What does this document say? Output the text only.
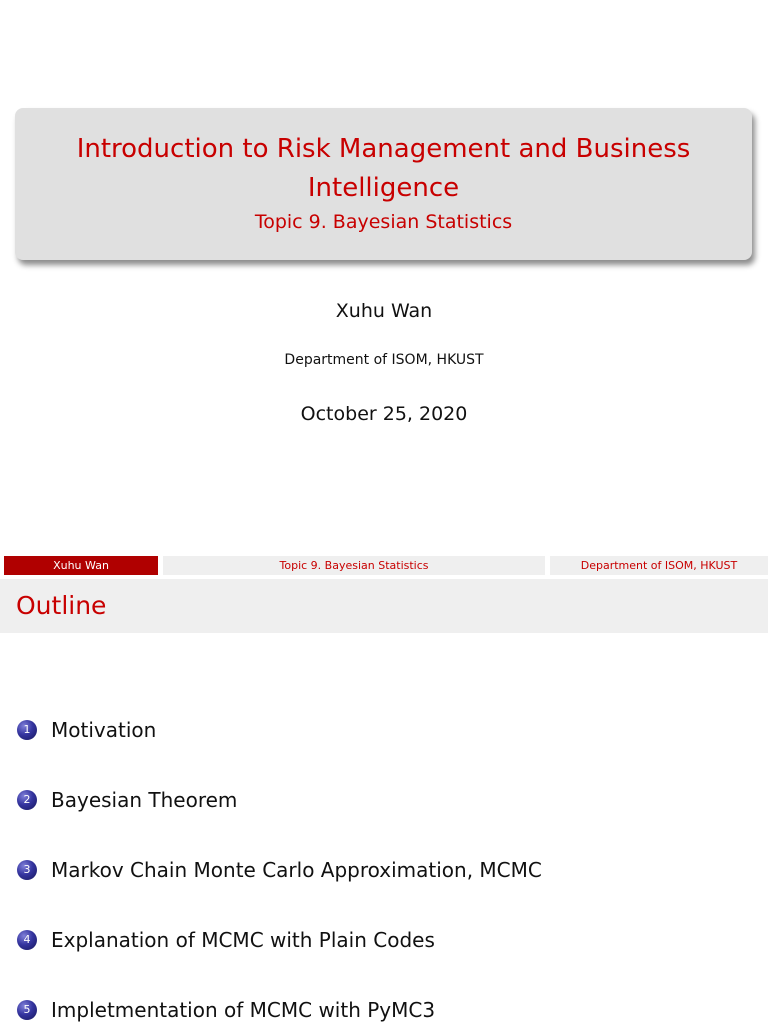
Introduction to Risk Management and Business Intelligence
Topic 9. Bayesian Statistics
Xuhu Wan
Department of ISOM, HKUST
October 25, 2020
Xuhu Wan	Topic 9. Bayesian Statistics	Department of ISOM, HKUST
Outline
1	Motivation
2	Bayesian Theorem
3	Markov Chain Monte Carlo Approximation, MCMC
4	Explanation of MCMC with Plain Codes
5	Impletmentation of MCMC with PyMC3
